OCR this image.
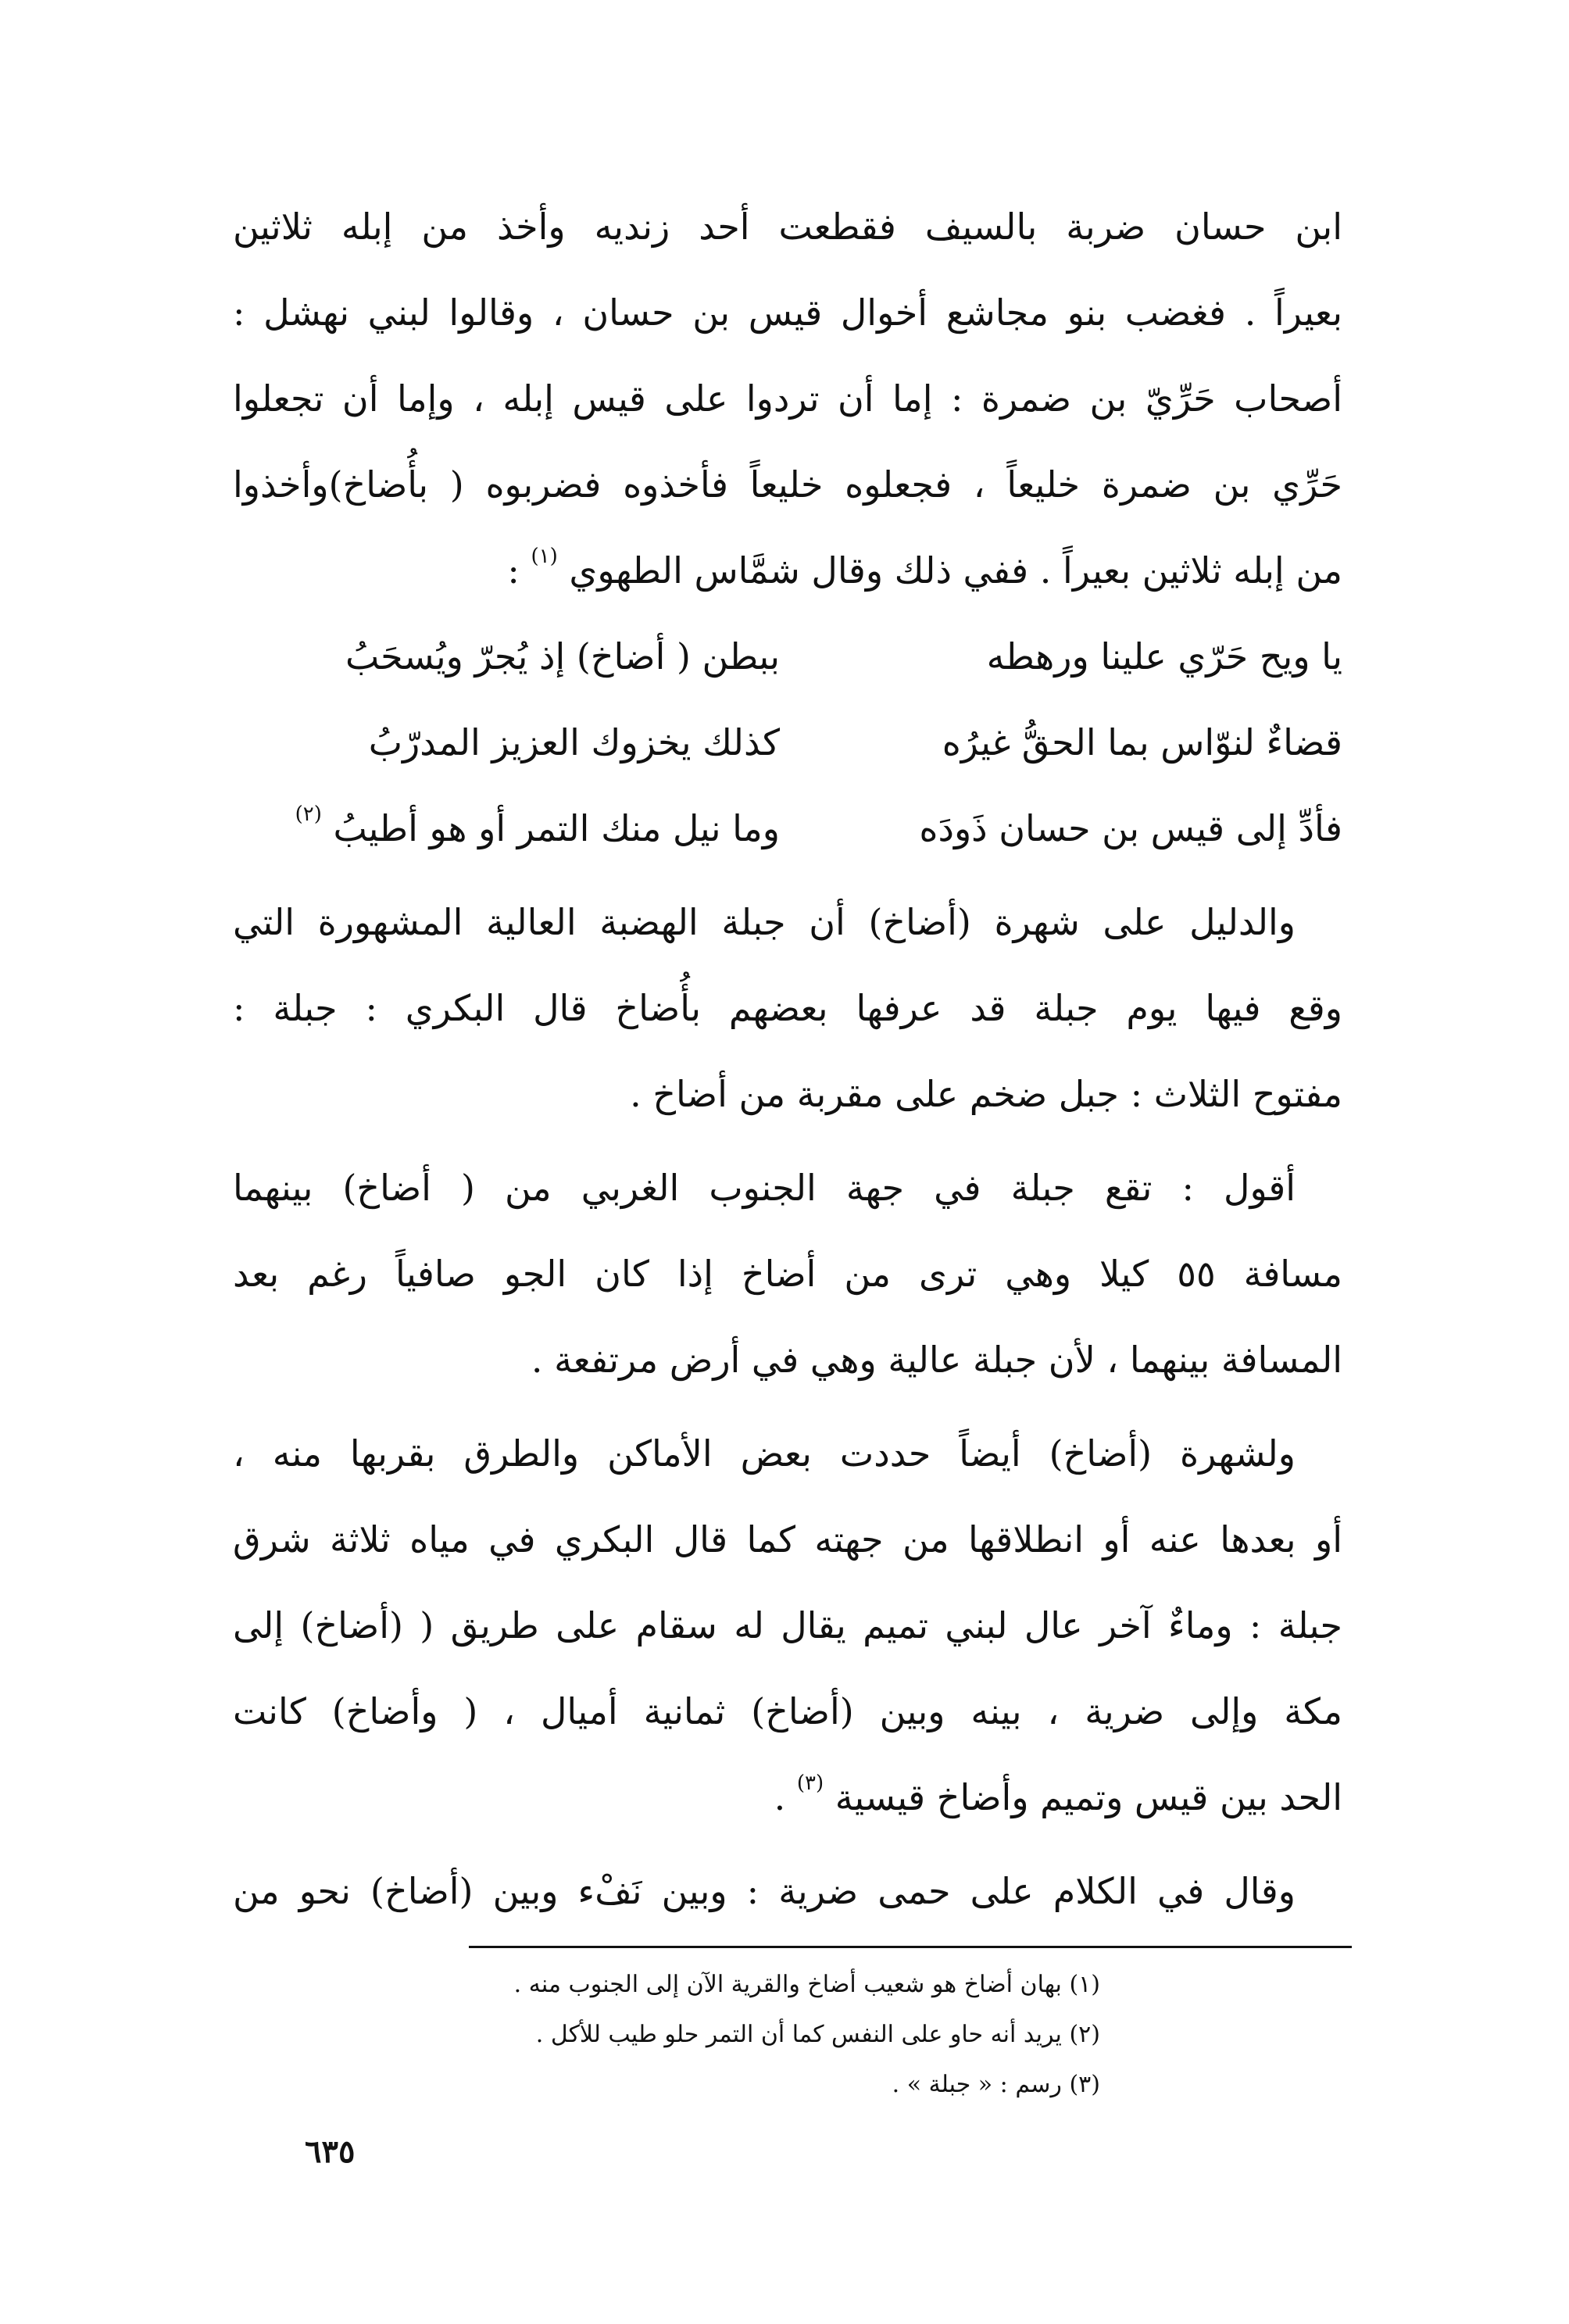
ابن حسان ضربة بالسيف فقطعت أحد زنديه وأخذ من إبله ثلاثين
بعيراً . فغضب بنو مجاشع أخوال قيس بن حسان ، وقالوا لبني نهشل :
أصحاب حَرِّيّ بن ضمرة : إما أن تردوا على قيس إبله ، وإما أن تجعلوا
حَرِّي بن ضمرة خليعاً ، فجعلوه خليعاً فأخذوه فضربوه ( بأُضاخ)وأخذوا
من إبله ثلاثين بعيراً . ففي ذلك وقال شمَّاس الطهوي $^{(١)}$ :
يا ويح حَرّي علينا ورهطه
ببطن ( أضاخ) إذ يُجرّ ويُسحَبُ
قضاءٌ لنوّاس بما الحقُّ غيرُه
كذلك يخزوك العزيز المدرّبُ
فأدِّ إلى قيس بن حسان ذَودَه
وما نيل منك التمر أو هو أطيبُ $^{(٢)}$
والدليل على شهرة (أضاخ) أن جبلة الهضبة العالية المشهورة التي
وقع فيها يوم جبلة قد عرفها بعضهم بأُضاخ قال البكري : جبلة :
مفتوح الثلاث : جبل ضخم على مقربة من أضاخ .
أقول : تقع جبلة في جهة الجنوب الغربي من ( أضاخ) بينهما
مسافة ٥٥ كيلا وهي ترى من أضاخ إذا كان الجو صافياً رغم بعد
المسافة بينهما ، لأن جبلة عالية وهي في أرض مرتفعة .
ولشهرة (أضاخ) أيضاً حددت بعض الأماكن والطرق بقربها منه ،
أو بعدها عنه أو انطلاقها من جهته كما قال البكري في مياه ثلاثة شرق
جبلة : وماءٌ آخر عال لبني تميم يقال له سقام على طريق ( (أضاخ) إلى
مكة وإلى ضرية ، بينه وبين (أضاخ) ثمانية أميال ، ( وأضاخ) كانت
الحد بين قيس وتميم وأضاخ قيسية $^{(٣)}$ .
وقال في الكلام على حمى ضرية : وبين نَفْء وبين (أضاخ) نحو من
(١) بهان أضاخ هو شعيب أضاخ والقرية الآن إلى الجنوب منه .
(٢) يريد أنه حاو على النفس كما أن التمر حلو طيب للأكل .
(٣) رسم : « جبلة » .
٦٣٥
